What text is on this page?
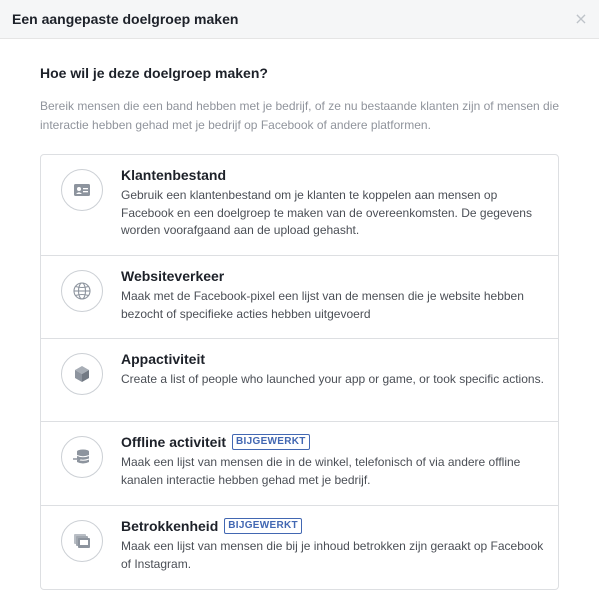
Een aangepaste doelgroep maken	×
Hoe wil je deze doelgroep maken?
Bereik mensen die een band hebben met je bedrijf, of ze nu bestaande klanten zijn of mensen die interactie hebben gehad met je bedrijf op Facebook of andere platformen.
Klantenbestand
Gebruik een klantenbestand om je klanten te koppelen aan mensen op Facebook en een doelgroep te maken van de overeenkomsten. De gegevens worden voorafgaand aan de upload gehasht.
Websiteverkeer
Maak met de Facebook-pixel een lijst van de mensen die je website hebben bezocht of specifieke acties hebben uitgevoerd
Appactiviteit
Create a list of people who launched your app or game, or took specific actions.
Offline activiteit	BIJGEWERKT
Maak een lijst van mensen die in de winkel, telefonisch of via andere offline kanalen interactie hebben gehad met je bedrijf.
Betrokkenheid	BIJGEWERKT
Maak een lijst van mensen die bij je inhoud betrokken zijn geraakt op Facebook of Instagram.
